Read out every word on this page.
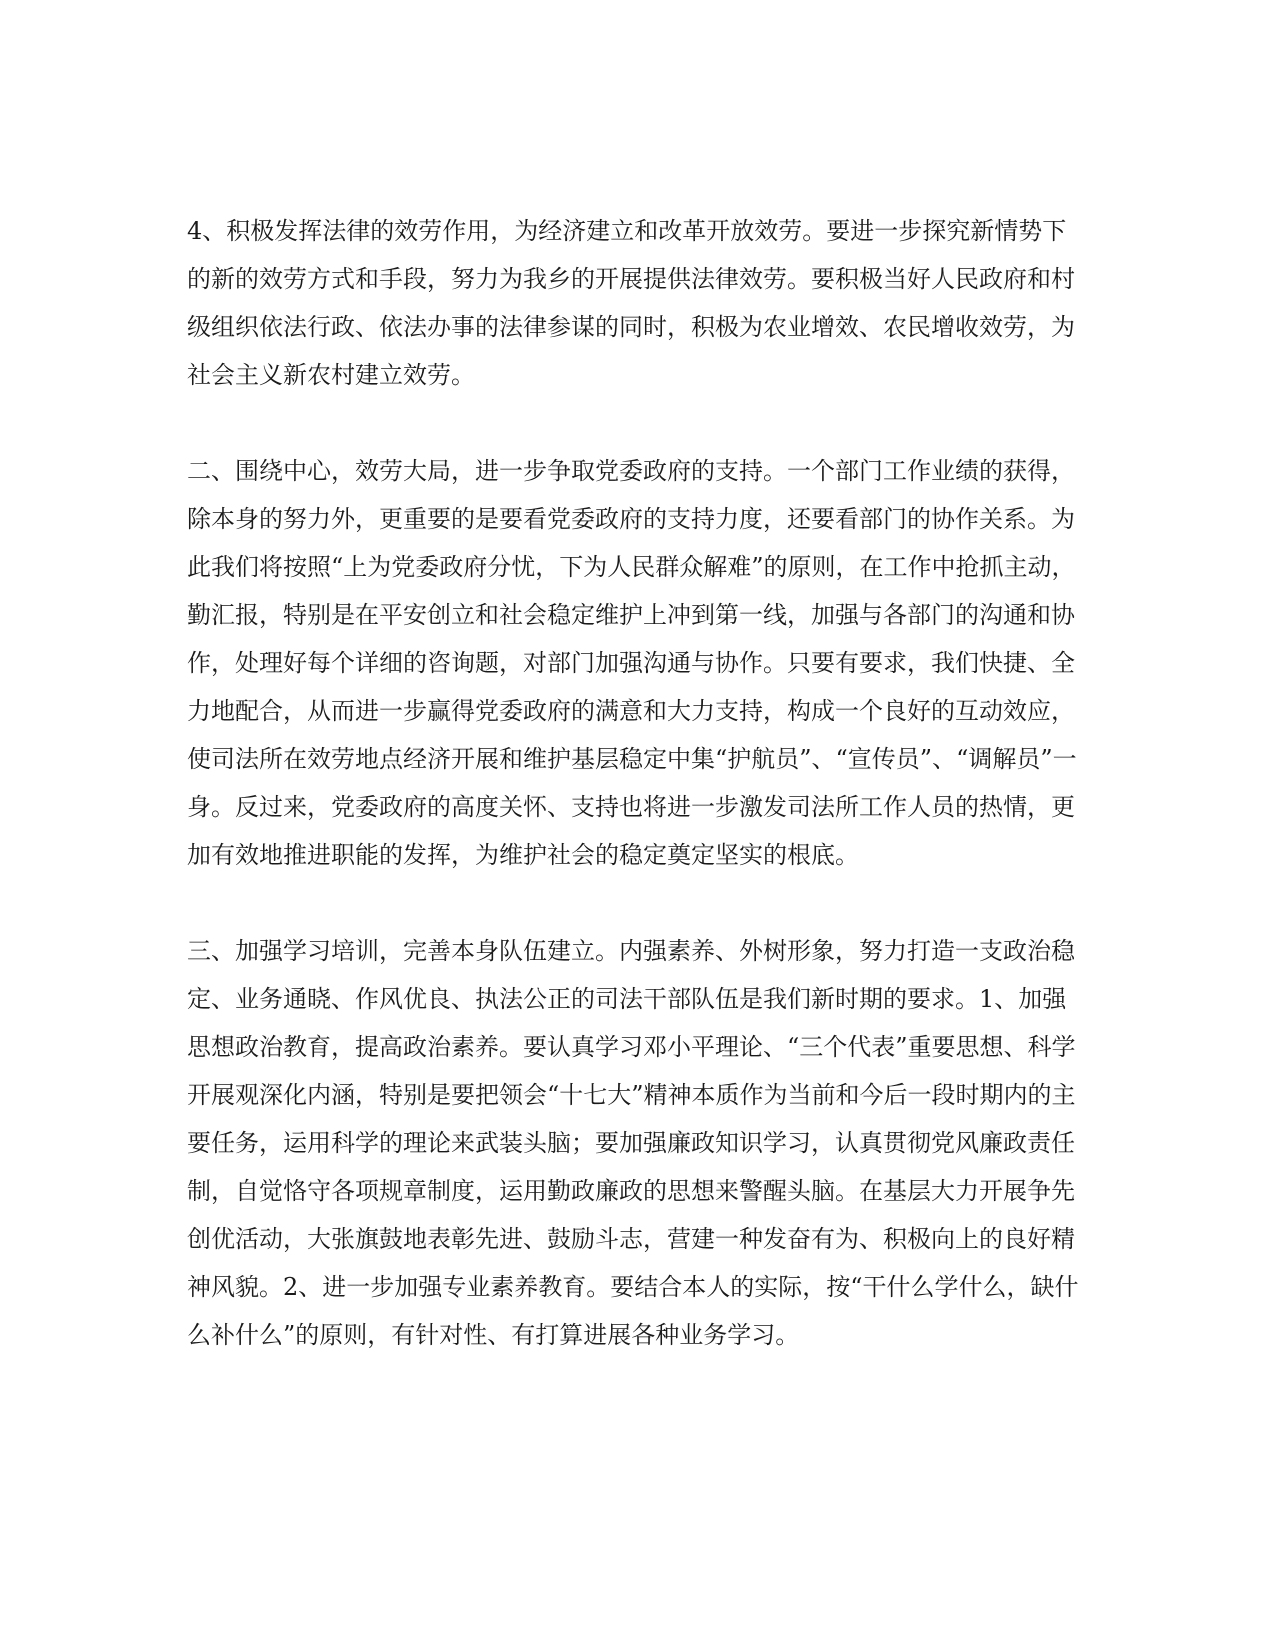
4、积极发挥法律的效劳作用，为经济建立和改革开放效劳。要进一步探究新情势下的新的效劳方式和手段，努力为我乡的开展提供法律效劳。要积极当好人民政府和村级组织依法行政、依法办事的法律参谋的同时，积极为农业增效、农民增收效劳，为社会主义新农村建立效劳。

二、围绕中心，效劳大局，进一步争取党委政府的支持。一个部门工作业绩的获得，除本身的努力外，更重要的是要看党委政府的支持力度，还要看部门的协作关系。为此我们将按照“上为党委政府分忧，下为人民群众解难”的原则，在工作中抢抓主动，勤汇报，特别是在平安创立和社会稳定维护上冲到第一线，加强与各部门的沟通和协作，处理好每个详细的咨询题，对部门加强沟通与协作。只要有要求，我们快捷、全力地配合，从而进一步赢得党委政府的满意和大力支持，构成一个良好的互动效应，使司法所在效劳地点经济开展和维护基层稳定中集“护航员”、“宣传员”、“调解员”一身。反过来，党委政府的高度关怀、支持也将进一步激发司法所工作人员的热情，更加有效地推进职能的发挥，为维护社会的稳定奠定坚实的根底。

三、加强学习培训，完善本身队伍建立。内强素养、外树形象，努力打造一支政治稳定、业务通晓、作风优良、执法公正的司法干部队伍是我们新时期的要求。1、加强思想政治教育，提高政治素养。要认真学习邓小平理论、“三个代表”重要思想、科学开展观深化内涵，特别是要把领会“十七大”精神本质作为当前和今后一段时期内的主要任务，运用科学的理论来武装头脑；要加强廉政知识学习，认真贯彻党风廉政责任制，自觉恪守各项规章制度，运用勤政廉政的思想来警醒头脑。在基层大力开展争先创优活动，大张旗鼓地表彰先进、鼓励斗志，营建一种发奋有为、积极向上的良好精神风貌。2、进一步加强专业素养教育。要结合本人的实际，按“干什么学什么，缺什么补什么”的原则，有针对性、有打算进展各种业务学习。
